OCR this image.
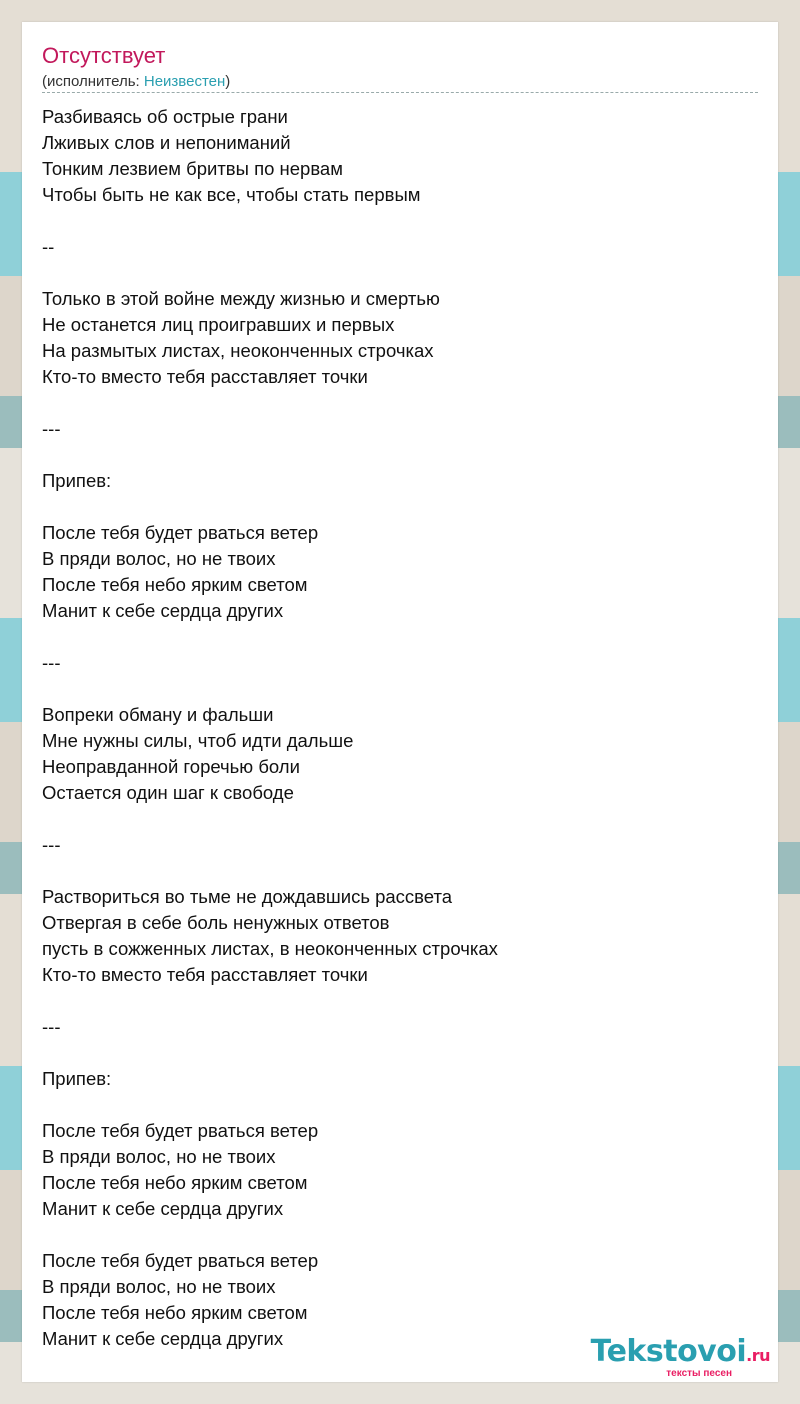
Отсутствует
(исполнитель: Неизвестен)
Разбиваясь об острые грани
Лживых слов и непониманий
Тонким лезвием бритвы по нервам
Чтобы быть не как все, чтобы стать первым
--
Только в этой войне между жизнью и смертью
Не останется лиц проигравших и первых
На размытых листах, неоконченных строчках
Кто-то вместо тебя расставляет точки
---
Припев:
После тебя будет рваться ветер
В пряди волос, но не твоих
После тебя небо ярким светом
Манит к себе сердца других
---
Вопреки обману и фальши
Мне нужны силы, чтоб идти дальше
Неоправданной горечью боли
Остается один шаг к свободе
---
Раствориться во тьме не дождавшись рассвета
Отвергая в себе боль ненужных ответов
пусть в сожженных листах, в неоконченных строчках
Кто-то вместо тебя расставляет точки
---
Припев:
После тебя будет рваться ветер
В пряди волос, но не твоих
После тебя небо ярким светом
Манит к себе сердца других
После тебя будет рваться ветер
В пряди волос, но не твоих
После тебя небо ярким светом
Манит к себе сердца других	Tekstovoi.ru
тексты песен
